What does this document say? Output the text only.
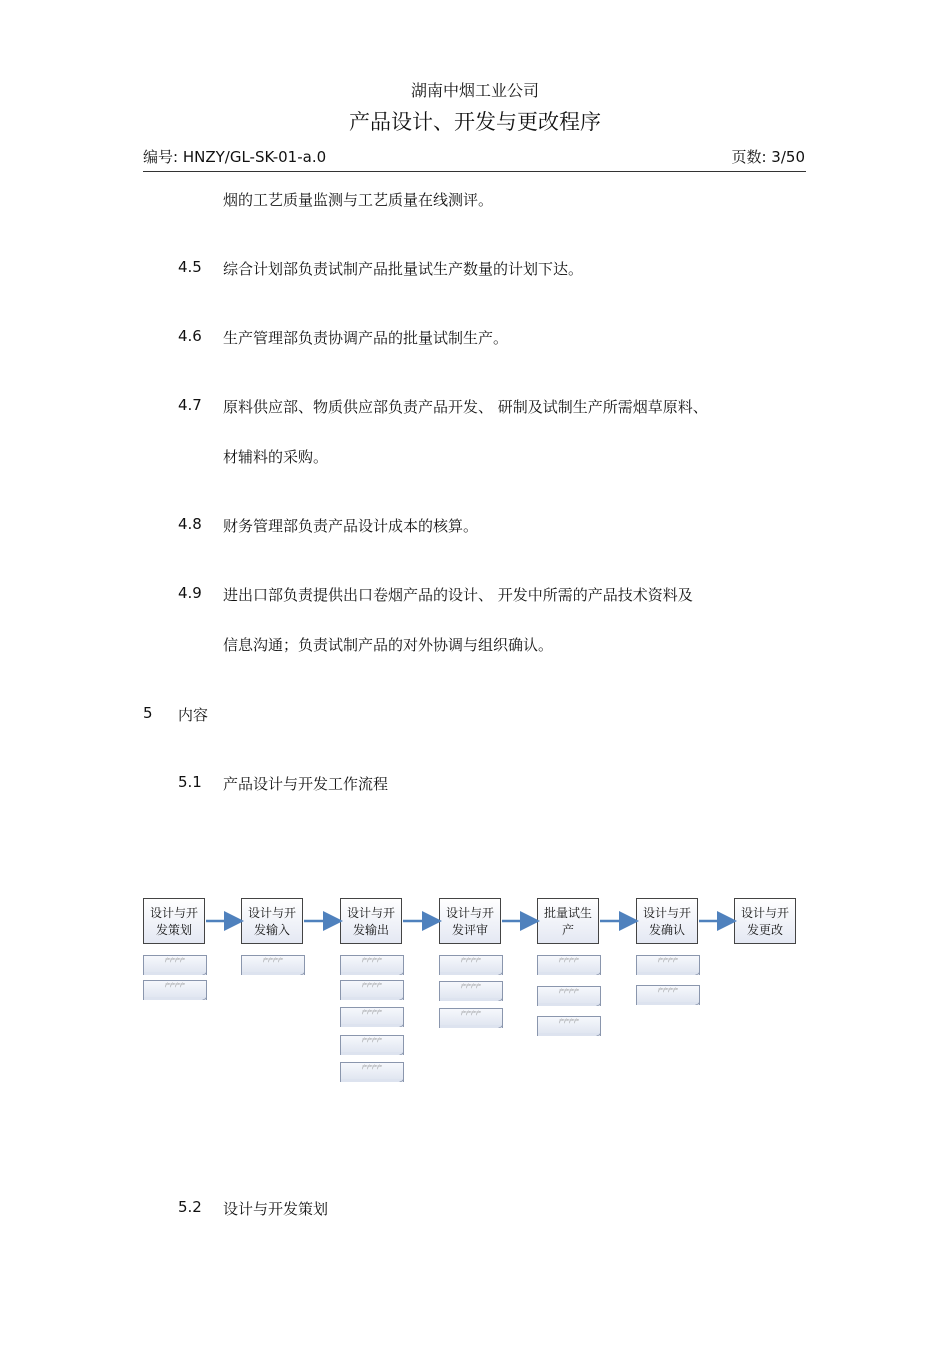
湖南中烟工业公司
产品设计、开发与更改程序
编号: HNZY/GL-SK-01-a.0	页数: 3/50
烟的工艺质量监测与工艺质量在线测评。
4.5 综合计划部负责试制产品批量试生产数量的计划下达。
4.6 生产管理部负责协调产品的批量试制生产。
4.7 原料供应部、物质供应部负责产品开发、 研制及试制生产所需烟草原料、
材辅料的采购。
4.8 财务管理部负责产品设计成本的核算。
4.9 进出口部负责提供出口卷烟产品的设计、 开发中所需的产品技术资料及
信息沟通；负责试制产品的对外协调与组织确认。
5 内容
5.1 产品设计与开发工作流程
设计与开发策划
设计与开发输入
设计与开发输出
设计与开发评审
批量试生产
设计与开发确认
设计与开发更改
产产产产
产产产产
产产产产	产产产产
产产产产
产产产产
产产产产
产产产产
产产产产
产产产产
产产产产
产产产产
产产产产
产产产产
产产产产
产产产产
5.2 设计与开发策划
